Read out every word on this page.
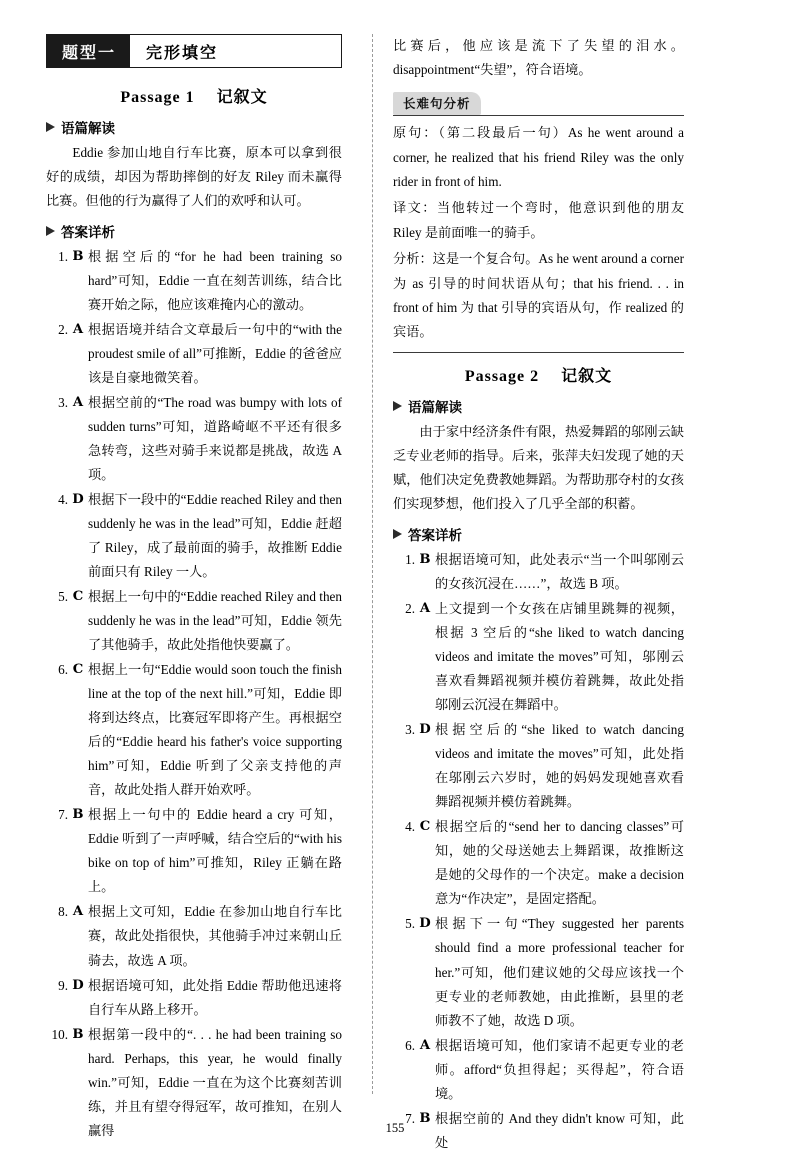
题型一	完形填空
Passage 1 记叙文
语篇解读

Eddie 参加山地自行车比赛，原本可以拿到很好的成绩，却因为帮助摔倒的好友 Riley 而未赢得比赛。但他的行为赢得了人们的欢呼和认可。

答案详析
1. B 根据空后的“for he had been training so hard”可知，Eddie 一直在刻苦训练，结合比赛开始之际，他应该难掩内心的激动。
2. A 根据语境并结合文章最后一句中的“with the proudest smile of all”可推断，Eddie 的爸爸应该是自豪地微笑着。
3. A 根据空前的“The road was bumpy with lots of sudden turns”可知，道路崎岖不平还有很多急转弯，这些对骑手来说都是挑战，故选 A 项。
4. D 根据下一段中的“Eddie reached Riley and then suddenly he was in the lead”可知，Eddie 赶超了 Riley，成了最前面的骑手，故推断 Eddie 前面只有 Riley 一人。
5. C 根据上一句中的“Eddie reached Riley and then suddenly he was in the lead”可知，Eddie 领先了其他骑手，故此处指他快要赢了。
6. C 根据上一句“Eddie would soon touch the finish line at the top of the next hill.”可知，Eddie 即将到达终点，比赛冠军即将产生。再根据空后的“Eddie heard his father's voice supporting him”可知，Eddie 听到了父亲支持他的声音，故此处指人群开始欢呼。
7. B 根据上一句中的 Eddie heard a cry 可知，Eddie 听到了一声呼喊，结合空后的“with his bike on top of him”可推知，Riley 正躺在路上。
8. A 根据上文可知，Eddie 在参加山地自行车比赛，故此处指很快，其他骑手冲过来朝山丘骑去，故选 A 项。
9. D 根据语境可知，此处指 Eddie 帮助他迅速将自行车从路上移开。
10. B 根据第一段中的“. . . he had been training so hard. Perhaps, this year, he would finally win.”可知，Eddie 一直在为这个比赛刻苦训练，并且有望夺得冠军，故可推知，在别人赢得

比赛后，他应该是流下了失望的泪水。disappointment“失望”，符合语境。

长难句分析

原句：（第二段最后一句）As he went around a corner, he realized that his friend Riley was the only rider in front of him.

译文：当他转过一个弯时，他意识到他的朋友 Riley 是前面唯一的骑手。

分析：这是一个复合句。As he went around a corner 为 as 引导的时间状语从句；that his friend. . . in front of him 为 that 引导的宾语从句，作 realized 的宾语。

Passage 2 记叙文
语篇解读

由于家中经济条件有限，热爱舞蹈的邬刚云缺乏专业老师的指导。后来，张萍夫妇发现了她的天赋，他们决定免费教她舞蹈。为帮助那夺村的女孩们实现梦想，他们投入了几乎全部的积蓄。

答案详析
1. B 根据语境可知，此处表示“当一个叫邬刚云的女孩沉浸在……”，故选 B 项。
2. A 上文提到一个女孩在店铺里跳舞的视频，根据 3 空后的“she liked to watch dancing videos and imitate the moves”可知，邬刚云喜欢看舞蹈视频并模仿着跳舞，故此处指邬刚云沉浸在舞蹈中。
3. D 根据空后的“she liked to watch dancing videos and imitate the moves”可知，此处指在邬刚云六岁时，她的妈妈发现她喜欢看舞蹈视频并模仿着跳舞。
4. C 根据空后的“send her to dancing classes”可知，她的父母送她去上舞蹈课，故推断这是她的父母作的一个决定。make a decision 意为“作决定”，是固定搭配。
5. D 根据下一句“They suggested her parents should find a more professional teacher for her.”可知，他们建议她的父母应该找一个更专业的老师教她，由此推断，县里的老师教不了她，故选 D 项。
6. A 根据语境可知，他们家请不起更专业的老师。afford“负担得起；买得起”，符合语境。
7. B 根据空前的 And they didn't know 可知，此处
155
